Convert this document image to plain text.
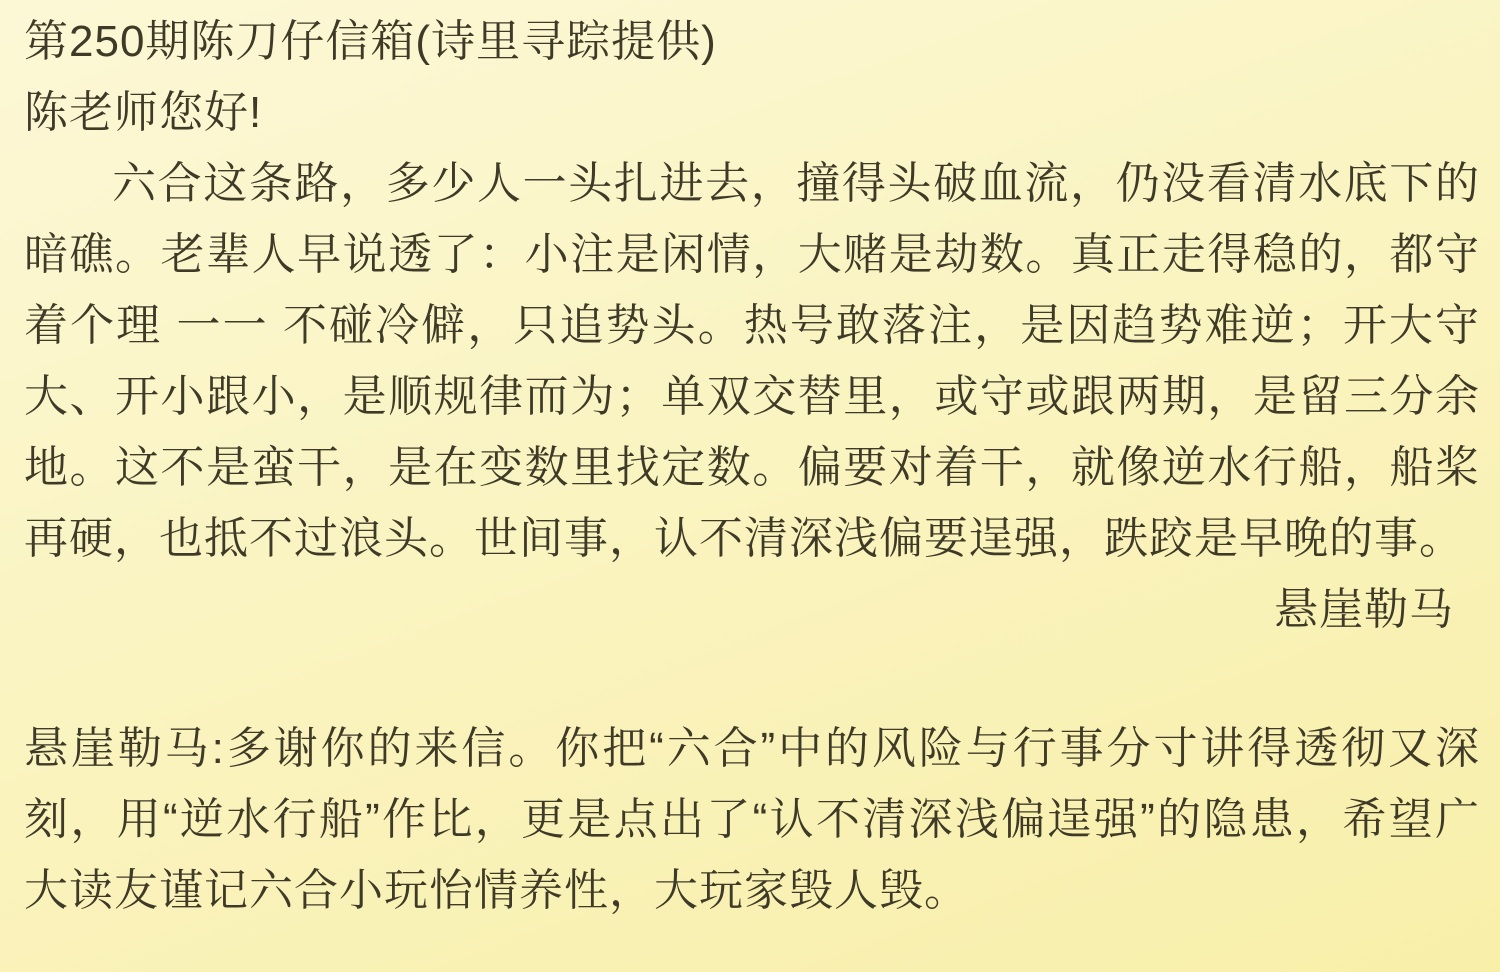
第250期陈刀仔信箱(诗里寻踪提供)
陈老师您好!

六合这条路，多少人一头扎进去，撞得头破血流，仍没看清水底下的暗礁。老辈人早说透了：小注是闲情，大赌是劫数。真正走得稳的，都守着个理 一一 不碰冷僻，只追势头。热号敢落注，是因趋势难逆；开大守大、开小跟小，是顺规律而为；单双交替里，或守或跟两期，是留三分余地。这不是蛮干，是在变数里找定数。偏要对着干，就像逆水行船，船桨再硬，也抵不过浪头。世间事，认不清深浅偏要逞强，跌跤是早晚的事。

悬崖勒马

悬崖勒马:多谢你的来信。你把“六合”中的风险与行事分寸讲得透彻又深刻，用“逆水行船”作比，更是点出了“认不清深浅偏逞强”的隐患，希望广大读友谨记六合小玩怡情养性，大玩家毁人毁。
